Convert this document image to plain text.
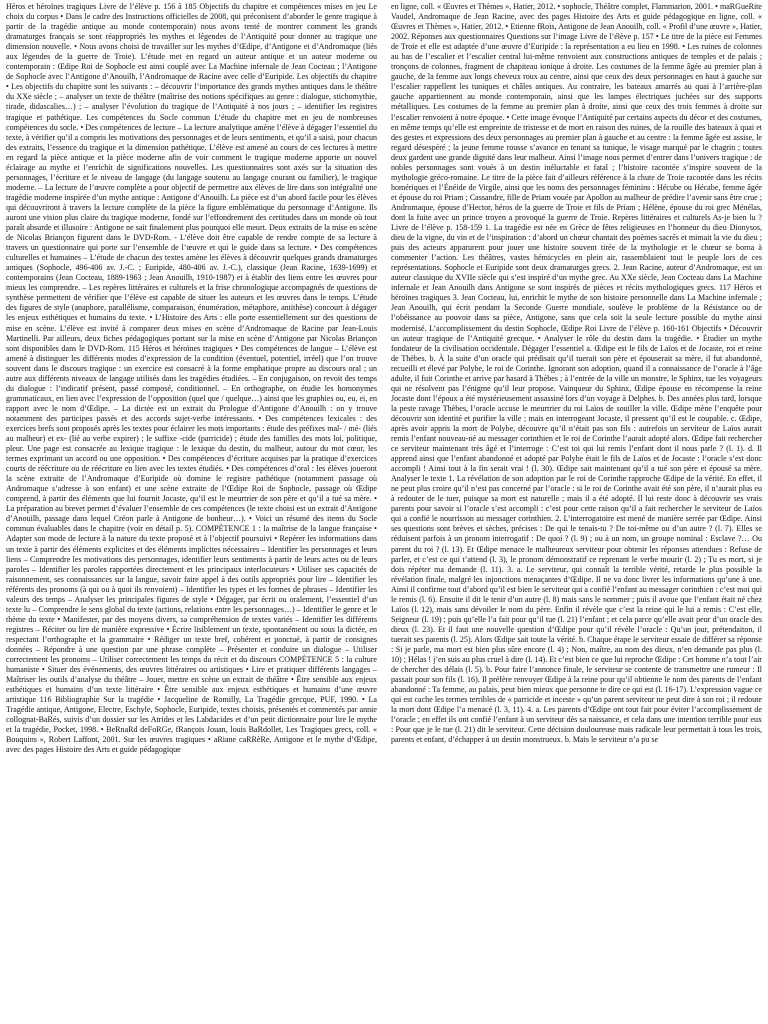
Héros et héroïnes tragiques Livre de l’élève p. 156 à 185 Objectifs du chapitre et compétences mises en jeu Le choix du corpus • Dans le cadre des Instructions officielles de 2008, qui préconisent d’aborder le genre tragique à partir de la tragédie antique au monde contemporain) nous avons tenté de montrer comment les grands dramaturges français se sont réappropriés les mythes et légendes de l’Antiquité pour donner au tragique une dimension nouvelle. • Nous avons choisi de travailler sur les mythes d’Œdipe, d’Antigone et d’Andromaque (liés aux légendes de la guerre de Troie). L’étude met en regard un auteur antique et un auteur moderne ou contemporain : Œdipe Roi de Sophocle est ainsi couplé avec La Machine infernale de Jean Cocteau ; l’Antigone de Sophocle avec l’Antigone d’Anouilh, l’Andromaque de Racine avec celle d’Euripide. Les objectifs du chapitre • Les objectifs du chapitre sont les suivants : – découvrir l’importance des grands mythes antiques dans le théâtre du XXe siècle ; – analyser un texte de théâtre (maîtrise des notions spécifiques au genre : dialogue, stichomythie, tirade, didascalies…) ; – analyser l’évolution du tragique de l’Antiquité à nos jours ; – identifier les registres tragique et pathétique. Les compétences du Socle commun L’étude du chapitre met en jeu de nombreuses compétences du socle. • Des compétences de lecture – La lecture analytique amène l’élève à dégager l’essentiel du texte, à vérifier qu’il a compris les motivations des personnages et de leurs sentiments, et qu’il a saisi, pour chacun des extraits, l’essence du tragique et la dimension pathétique. L’élève est amené au cours de ces lectures à mettre en regard la pièce antique et la pièce moderne afin de voir comment le tragique moderne apporte un nouvel éclairage au mythe et l’enrichit de significations nouvelles. Les questionnaires sont axés sur la situation des personnages, l’écriture et le niveau de langage (du langage soutenu au langage courant ou familier), le tragique moderne. – La lecture de l’œuvre complète a pour objectif de permettre aux élèves de lire dans son intégralité une tragédie moderne inspirée d’un mythe antique : Antigone d’Anouilh. La pièce est d’un abord facile pour les élèves qui découvriront à travers la lecture complète de la pièce la figure emblématique du personnage d’Antigone. Ils auront une vision plus claire du tragique moderne, fondé sur l’effondrement des certitudes dans un monde où tout paraît absurde et illusoire : Antigone ne sait finalement plus pourquoi elle meurt. Deux extraits de la mise en scène de Nicolas Briançon figurent dans le DVD-Rom. - L’élève doit être capable de rendre compte de sa lecture à travers un questionnaire qui porte sur l’ensemble de l’œuvre et qui le guide dans sa lecture. • Des compétences culturelles et humaines – L’étude de chacun des textes amène les élèves à découvrir quelques grands dramaturges antiques (Sophocle, 496-406 av. J.-C. ; Euripide, 480-406 av. J.-C.), classique (Jean Racine, 1639-1699) et contemporains (Jean Cocteau, 1889-1963 ; Jean Anouilh, 1910-1987) et à établir des liens entre les œuvres pour mieux les comprendre. – Les repères littéraires et culturels et la frise chronologique accompagnés de questions de synthèse permettent de vérifier que l’élève est capable de situer les auteurs et les œuvres dans le temps. L’étude des figures de style (anaphore, parallélisme, comparaison, énumération, métaphore, antithèse) concourt à dégager les enjeux esthétiques et humains du texte. • L’Histoire des Arts : elle porte essentiellement sur des questions de mise en scène. L’élève est invité à comparer deux mises en scène d’Andromaque de Racine par Jean-Louis Martinelli. Par ailleurs, deux fiches pédagogiques portant sur la mise en scène d’Antigone par Nicolas Briançon sont disponibles dans le DVD-Rom. 115 Héros et héroïnes tragiques • Des compétences de langue – L’élève est amené à distinguer les différents modes d’expression de la condition (éventuel, potentiel, irréel) que l’on trouve souvent dans le discours tragique : un exercice est consacré à la forme emphatique propre au discours oral ; un autre aux différents niveaux de langage utilisés dans les tragédies étudiées. – En conjugaison, on revoit des temps du dialogue : l’indicatif présent, passé composé, conditionnel. – En orthographe, on étudie les homonymes grammaticaux, en lien avec l’expression de l’opposition (quel que / quelque…) ainsi que les graphies ou, eu, ei, en rapport avec le nom d’Œdipe. – La dictée est un extrait du Prologue d’Antigone d’Anouilh : on y trouve notamment des participes passés et des accords sujet-verbe intéressants. • Des compétences lexicales : des exercices brefs sont proposés après les textes pour éclairer les mots importants : étude des préfixes mal- / mé- (liés au malheur) et ex- (lié au verbe expirer) ; le suffixe -cide (parricide) ; étude des familles des mots loi, politique, pleur. Une page est consacrée au lexique tragique : le lexique du destin, du malheur, autour du mot cœur, les termes exprimant un accord ou une opposition. • Des compétences d’écriture acquises par la pratique d’exercices courts de réécriture ou de réécriture en lien avec les textes étudiés. • Des compétences d’oral : les élèves joueront la scène extraite de l’Andromaque d’Euripide où domine le registre pathétique (notamment passage où Andromaque s’adresse à son enfant) et une scène extraite de l’Œdipe Roi de Sophocle, passage où Œdipe comprend, à partir des éléments que lui fournit Jocaste, qu’il est le meurtrier de son père et qu’il a tué sa mère. • La préparation au brevet permet d’évaluer l’ensemble de ces compétences (le texte choisi est un extrait d’Antigone d’Anouilh, passage dans lequel Créon parle à Antigone de bonheur…). • Voici un résumé des items du Socle commun évaluables dans le chapitre (voir en détail p. 5). COMPÉTENCE 1 : la maîtrise de la langue française • Adapter son mode de lecture à la nature du texte proposé et à l’objectif poursuivi • Repérer les informations dans un texte à partir des éléments explicites et des éléments implicites nécessaires – Identifier les personnages et leurs liens – Comprendre les motivations des personnages, identifier leurs sentiments à partir de leurs actes ou de leurs paroles – Identifier les paroles rapportées directement et les principaux interlocuteurs • Utiliser ses capacités de raisonnement, ses connaissances sur la langue, savoir faire appel à des outils appropriés pour lire – Identifier les référents des pronoms (à qui ou à quoi ils renvoient) – Identifier les types et les formes de phrases – Identifier les valeurs des temps – Analyser les principales figures de style • Dégager, par écrit ou oralement, l’essentiel d’un texte lu – Comprendre le sens global du texte (actions, relations entre les personnages…) – Identifier le genre et le thème du texte • Manifester, par des moyens divers, sa compréhension de textes variés – Identifier les différents registres – Réciter ou lire de manière expressive • Écrire lisiblement un texte, spontanément ou sous la dictée, en respectant l’orthographe et la grammaire • Rédiger un texte bref, cohérent et ponctué, à partir de consignes données – Répondre à une question par une phrase complète – Présenter et conduire un dialogue – Utiliser correctement les pronoms – Utiliser correctement les temps du récit et du discours COMPÉTENCE 5 : la culture humaniste • Situer des événements, des œuvres littéraires ou artistiques • Lire et pratiquer différents langages – Maîtriser les outils d’analyse du théâtre – Jouer, mettre en scène un extrait de théâtre • Être sensible aux enjeux esthétiques et humains d’un texte littéraire • Être sensible aux enjeux esthétiques et humains d’une œuvre artistique 116 Bibliographie Sur la tragédie • Jacqueline de Romilly, La Tragédie grecque, PUF, 1990. • La Tragédie antique, Antigone, Electre, Eschyle, Sophocle, Euripide, textes choisis, présentés et commentés par annie collognat-BaRés, suivis d’un dossier sur les Atrides et les Labdacides et d’un petit dictionnaire pour lire le mythe et la tragédie, Pocket, 1998. • BeRnaRd deFoRGe, fRançois Jouan, louis BaRdollet, Les Tragiques grecs, coll. « Bouquins », Robert Laffont, 2001. Sur les œuvres tragiques • aRiane caRRèRe, Antigone et le mythe d’Œdipe, avec des pages Histoire des Arts et guide pédagogique

en ligne, coll. « Œuvres et Thèmes », Hatier, 2012. • sophocle, Théâtre complet, Flammarion, 2001. • maRGueRite Vaudel, Andromaque de Jean Racine, avec des pages Histoire des Arts et guide pédagogique en ligne, coll. « Œuvres et Thèmes », Hatier, 2012. • Etienne fRois, Antigone de Jean Anouilh, coll. « Profil d’une œuvre », Hatier, 2002. Réponses aux questionnaires Questions sur l’image Livre de l’élève p. 157 • Le titre de la pièce est Femmes de Troie et elle est adaptée d’une œuvre d’Euripide : la représentation a eu lieu en 1998. • Les ruines de colonnes au bas de l’escalier et l’escalier central lui-même renvoient aux constructions antiques de temples et de palais ; tronçons de colonnes, fragment de chapiteau ionique à droite. Les costumes de la femme âgée au premier plan à gauche, de la femme aux longs cheveux roux au centre, ainsi que ceux des deux personnages en haut à gauche sur l’escalier rappellent les tuniques et châles antiques. Au contraire, les bateaux amarrés au quai à l’arrière-plan gauche appartiennent au monde contemporain, ainsi que les lampes électriques juchées sur des supports métalliques. Les costumes de la femme au premier plan à droite, ainsi que ceux des trois femmes à droite sur l’escalier renvoient à notre époque. • Cette image évoque l’Antiquité par certains aspects du décor et des costumes, en même temps qu’elle est empreinte de tristesse et de mort en raison des ruines, de la rouille des bateaux à quai et des gestes et expressions des deux personnages au premier plan à gauche et au centre : la femme âgée est assise, le regard désespéré ; la jeune femme rousse s’avance en tenant sa tunique, le visage marqué par le chagrin ; toutes deux gardent une grande dignité dans leur malheur. Ainsi l’image nous permet d’entrer dans l’univers tragique : de nobles personnages sont voués à un destin inéluctable et fatal ; l’histoire racontée s’inspire souvent de la mythologie gréco-romaine. Le titre de la pièce fait d’ailleurs référence à la chute de Troie racontée dans les récits homériques et l’Énéide de Virgile, ainsi que les noms des personnages féminins : Hécube ou Hécabe, femme âgée et épouse du roi Priam ; Cassandre, fille de Priam vouée par Apollon au malheur de prédire l’avenir sans être crue ; Andromaque, épouse d’Hector, héros de la guerre de Troie et fils de Priam ; Hélène, épouse du roi grec Ménélas, dont la fuite avec un prince troyen a provoqué la guerre de Troie. Repères littéraires et culturels As-je bien lu ? Livre de l’élève p. 158-159 1. La tragédie est née en Grèce de fêtes religieuses en l’honneur du dieu Dionysos, dieu de la vigne, du vin et de l’inspiration : d’abord un chœur chantait des poèmes sacrés et mimait la vie du dieu ; puis des acteurs apparurent pour jouer une histoire souvent tirée de la mythologie et le chœur se borna à commenter l’action. Les théâtres, vastes hémicycles en plein air, rassemblaient tout le peuple lors de ces représentations. Sophocle et Euripide sont deux dramaturges grecs. 2. Jean Racine, auteur d’Andromaque, est un auteur classique du XVIIe siècle qui s’est inspiré d’un mythe grec. Au XXe siècle, Jean Cocteau dans La Machine infernale et Jean Anouilh dans Antigone se sont inspirés de pièces et récits mythologiques grecs. 117 Héros et héroïnes tragiques 3. Jean Cocteau, lui, enrichit le mythe de son histoire personnelle dans La Machine infernale ; Jean Anouilh, qui écrit pendant la Seconde Guerre mondiale, soulève le problème de la Résistance ou de l’obéissance au pouvoir dans sa pièce, Antigone, sans que cela soit la seule lecture possible du mythe ainsi modernisé. L’accomplissement du destin Sophocle, Œdipe Roi Livre de l’élève p. 160-161 Objectifs • Découvrir un auteur tragique de l’Antiquité grecque. • Analyser le rôle du destin dans la tragédie. • Étudier un mythe fondateur de la civilisation occidentale. Dégager l’essentiel a. Œdipe est le fils de Laïos et de Jocaste, roi et reine de Thèbes. b. À la suite d’un oracle qui prédisait qu’il tuerait son père et épouserait sa mère, il fut abandonné, recueilli et élevé par Polybe, le roi de Corinthe. Ignorant son adoption, quand il a connaissance de l’oracle à l’âge adulte, il fuit Corinthe et arrive par hasard à Thèbes ; à l’entrée de la ville un monstre, le Sphinx, tue les voyageurs qui ne résolvent pas l’énigme qu’il leur propose. Vainqueur du Sphinx, Œdipe épouse en récompense la reine Jocaste dont l’époux a été mystérieusement assassiné lors d’un voyage à Delphes. b. Des années plus tard, lorsque la peste ravage Thèbes, l’oracle accuse le meurtrier du roi Laïos de souiller la ville. Œdipe mène l’enquête pour découvrir son identité et purifier la ville ; mais en interrogeant Jocaste, il pressent qu’il est le coupable. c. Œdipe, après avoir appris la mort de Polybe, découvre qu’il n’était pas son fils : autrefois un serviteur de Laïos aurait remis l’enfant nouveau-né au messager corinthien et le roi de Corinthe l’aurait adopté alors. Œdipe fait rechercher ce serviteur maintenant très âgé et l’interroge : C’est toi qui lui remis l’enfant dont il nous parle ? (l. 1). d. Il apprend ainsi que l’enfant abandonné et adopté par Polybe était le fils de Laïos et de Jocaste : l’oracle s’est donc accompli ! Ainsi tout à la fin serait vrai ! (l. 30). Œdipe sait maintenant qu’il a tué son père et épousé sa mère. Analyser le texte 1. La révélation de son adoption par le roi de Corinthe rapproche Œdipe de la vérité. En effet, il ne peut plus croire qu’il n’est pas concerné par l’oracle : si le roi de Corinthe avait été son père, il n’aurait plus eu à redouter de le tuer, puisque sa mort est naturelle ; mais il a été adopté. Il lui reste donc à découvrir ses vrais parents pour savoir si l’oracle s’est accompli : c’est pour cette raison qu’il a fait rechercher le serviteur de Laïos qui a confié le nourrisson au messager corinthien. 2. L’interrogatoire est mené de manière serrée par Œdipe. Ainsi ses questions sont brèves et sèches, précises : De qui le tenais-tu ? De toi-même ou d’un autre ? (l. 7). Elles se réduisent parfois à un pronom interrogatif : De quoi ? (l. 9) ; ou à un nom, un groupe nominal : Esclave ?… Ou parent du roi ? (l. 13). Et Œdipe menace le malheureux serviteur pour obtenir les réponses attendues : Refuse de parler, et c’est ce qui t’attend (l. 3), le pronom démonstratif ce reprenant le verbe mourir (l. 2) ; Tu es mort, si je dois répéter ma demande (l. 11). 3. a. Le serviteur, qui connaît la terrible vérité, retarde le plus possible la révélation finale, malgré les injonctions menaçantes d’Œdipe. Il ne va donc livrer les informations qu’une à une. Ainsi il confirme tout d’abord qu’il est bien le serviteur qui a confié l’enfant au messager corinthien : c’est moi qui le remis (l. 6). Ensuite il dit le tenir d’un autre (l. 8) mais sans le nommer ; puis il avoue que l’enfant était né chez Laïos (l. 12), mais sans dévoiler le nom du père. Enfin il révèle que c’est la reine qui le lui a remis : C’est elle, Seigneur (l. 19) ; puis qu’elle l’a fait pour qu’il tue (l. 21) l’enfant ; et cela parce qu’elle avait peur d’un oracle des dieux (l. 23). Et il faut une nouvelle question d’Œdipe pour qu’il révèle l’oracle : Qu’un jour, prétendaiton, il tuerait ses parents (l. 25). Alors Œdipe sait toute la vérité. b. Chaque étape le serviteur essaie de différer sa réponse : Si je parle, ma mort est bien plus sûre encore (l. 4) ; Non, maître, au nom des dieux, n’en demande pas plus (l. 10) ; Hélas ! j’en suis au plus cruel à dire (l. 14). Et c’est bien ce que lui reproche Œdipe : Cet homme n’a tout l’air de chercher des délais (l. 5). b. Pour faire l’annonce finale, le serviteur se contente de transmettre une rumeur : Il passait pour son fils (l. 16). Il préfère renvoyer Œdipe à la reine pour qu’il obtienne le nom des parents de l’enfant abandonné : Ta femme, au palais, peut bien mieux que personne te dire ce qui est (l. 16-17). L’expression vague ce qui est cache les termes terribles de « parricide et inceste » qu’un parent serviteur ne peut dire à son roi ; il redoute la mort dont Œdipe l’a menacé (l. 3, 11). 4. a. Les parents d’Œdipe ont tout fait pour éviter l’accomplissement de l’oracle ; en effet ils ont confié l’enfant à un serviteur dès sa naissance, et cela dans une intention terrible pour eux : Pour que je le tue (l. 21) dit le serviteur. Cette décision douloureuse mais radicale leur permettait à tous les trois, parents et enfant, d’échapper à un destin monstrueux. b. Mais le serviteur n’a pu se
